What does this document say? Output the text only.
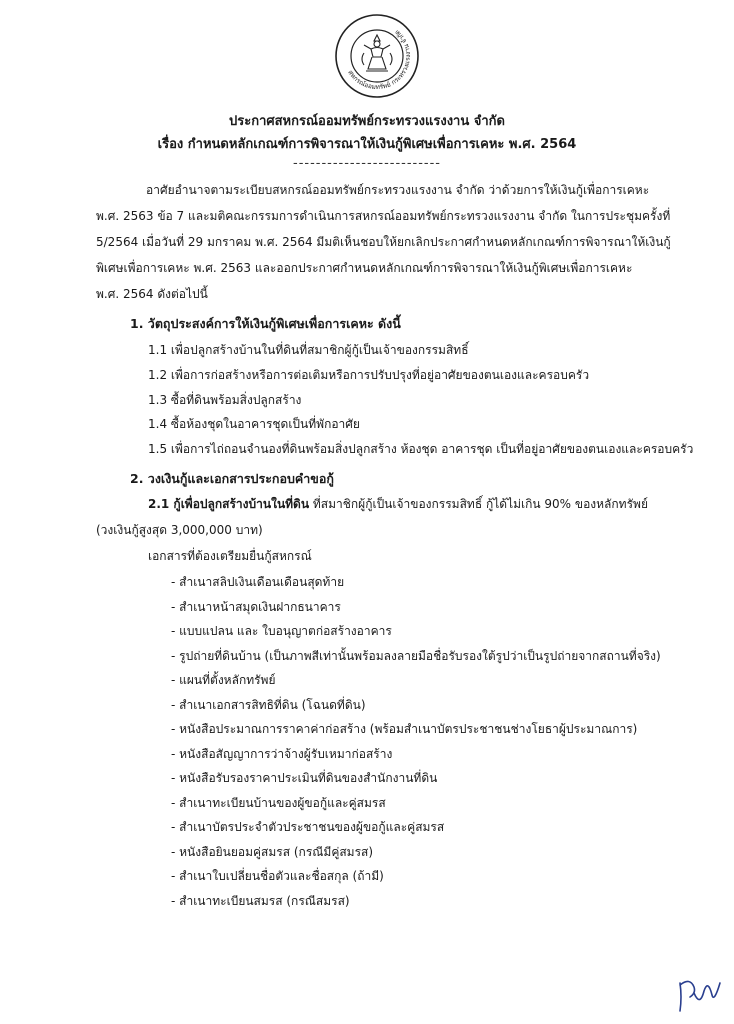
สหกรณ์ออมทรัพย์ กระทรวงแรงงาน จำกัด
ประกาศสหกรณ์ออมทรัพย์กระทรวงแรงงาน จำกัด
เรื่อง กำหนดหลักเกณฑ์การพิจารณาให้เงินกู้พิเศษเพื่อการเคหะ พ.ศ. 2564
--------------------------
อาศัยอำนาจตามระเบียบสหกรณ์ออมทรัพย์กระทรวงแรงงาน จำกัด ว่าด้วยการให้เงินกู้เพื่อการเคหะ
พ.ศ. 2563 ข้อ 7 และมติคณะกรรมการดำเนินการสหกรณ์ออมทรัพย์กระทรวงแรงงาน จำกัด ในการประชุมครั้งที่
5/2564 เมื่อวันที่ 29 มกราคม พ.ศ. 2564 มีมติเห็นชอบให้ยกเลิกประกาศกำหนดหลักเกณฑ์การพิจารณาให้เงินกู้
พิเศษเพื่อการเคหะ พ.ศ. 2563 และออกประกาศกำหนดหลักเกณฑ์การพิจารณาให้เงินกู้พิเศษเพื่อการเคหะ
พ.ศ. 2564 ดังต่อไปนี้
1. วัตถุประสงค์การให้เงินกู้พิเศษเพื่อการเคหะ ดังนี้
1.1 เพื่อปลูกสร้างบ้านในที่ดินที่สมาชิกผู้กู้เป็นเจ้าของกรรมสิทธิ์
1.2 เพื่อการก่อสร้างหรือการต่อเติมหรือการปรับปรุงที่อยู่อาศัยของตนเองและครอบครัว
1.3 ซื้อที่ดินพร้อมสิ่งปลูกสร้าง
1.4 ซื้อห้องชุดในอาคารชุดเป็นที่พักอาศัย
1.5 เพื่อการไถ่ถอนจำนองที่ดินพร้อมสิ่งปลูกสร้าง ห้องชุด อาคารชุด เป็นที่อยู่อาศัยของตนเองและครอบครัว
2. วงเงินกู้และเอกสารประกอบคำขอกู้
2.1 กู้เพื่อปลูกสร้างบ้านในที่ดิน ที่สมาชิกผู้กู้เป็นเจ้าของกรรมสิทธิ์ กู้ได้ไม่เกิน 90% ของหลักทรัพย์
(วงเงินกู้สูงสุด 3,000,000 บาท)
เอกสารที่ต้องเตรียมยื่นกู้สหกรณ์
- สำเนาสลิปเงินเดือนเดือนสุดท้าย
- สำเนาหน้าสมุดเงินฝากธนาคาร
- แบบแปลน และ ใบอนุญาตก่อสร้างอาคาร
- รูปถ่ายที่ดินบ้าน (เป็นภาพสีเท่านั้นพร้อมลงลายมือชื่อรับรองใต้รูปว่าเป็นรูปถ่ายจากสถานที่จริง)
- แผนที่ตั้งหลักทรัพย์
- สำเนาเอกสารสิทธิที่ดิน (โฉนดที่ดิน)
- หนังสือประมาณการราคาค่าก่อสร้าง (พร้อมสำเนาบัตรประชาชนช่างโยธาผู้ประมาณการ)
- หนังสือสัญญาการว่าจ้างผู้รับเหมาก่อสร้าง
- หนังสือรับรองราคาประเมินที่ดินของสำนักงานที่ดิน
- สำเนาทะเบียนบ้านของผู้ขอกู้และคู่สมรส
- สำเนาบัตรประจำตัวประชาชนของผู้ขอกู้และคู่สมรส
- หนังสือยินยอมคู่สมรส (กรณีมีคู่สมรส)
- สำเนาใบเปลี่ยนชื่อตัวและชื่อสกุล (ถ้ามี)
- สำเนาทะเบียนสมรส (กรณีสมรส)
